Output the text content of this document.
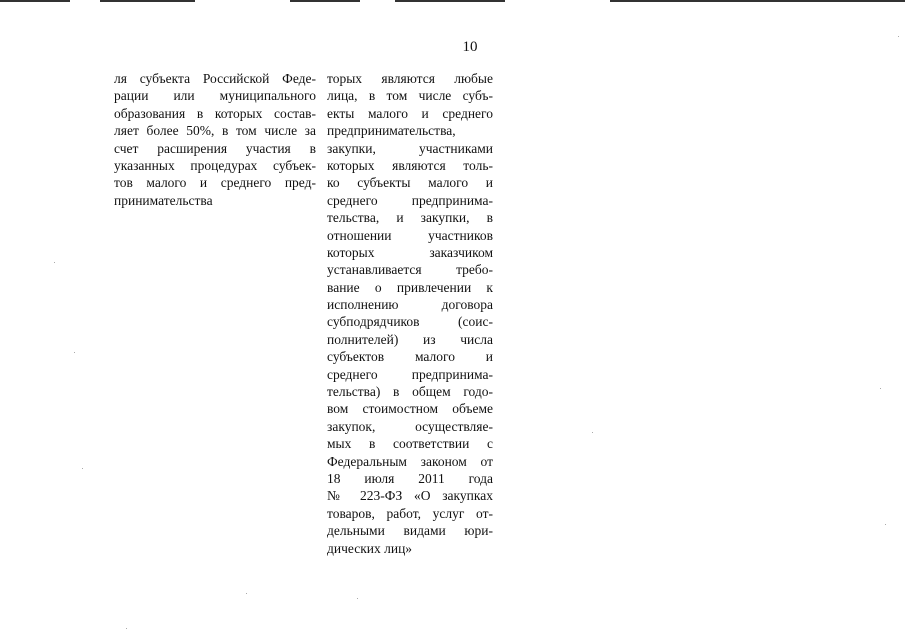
10
ля субъекта Российской Феде-
рации или муниципального
образования в которых состав-
ляет более 50%, в том числе за
счет расширения участия в
указанных процедурах субъек-
тов малого и среднего пред-
принимательства
торых являются любые
лица, в том числе субъ-
екты малого и среднего
предпринимательства,
закупки, участниками
которых являются толь-
ко субъекты малого и
среднего предпринима-
тельства, и закупки, в
отношении участников
которых заказчиком
устанавливается требо-
вание о привлечении к
исполнению договора
субподрядчиков (соис-
полнителей) из числа
субъектов малого и
среднего предпринима-
тельства) в общем годо-
вом стоимостном объеме
закупок, осуществляе-
мых в соответствии с
Федеральным законом от
18 июля 2011 года
№ 223-ФЗ «О закупках
товаров, работ, услуг от-
дельными видами юри-
дических лиц»
